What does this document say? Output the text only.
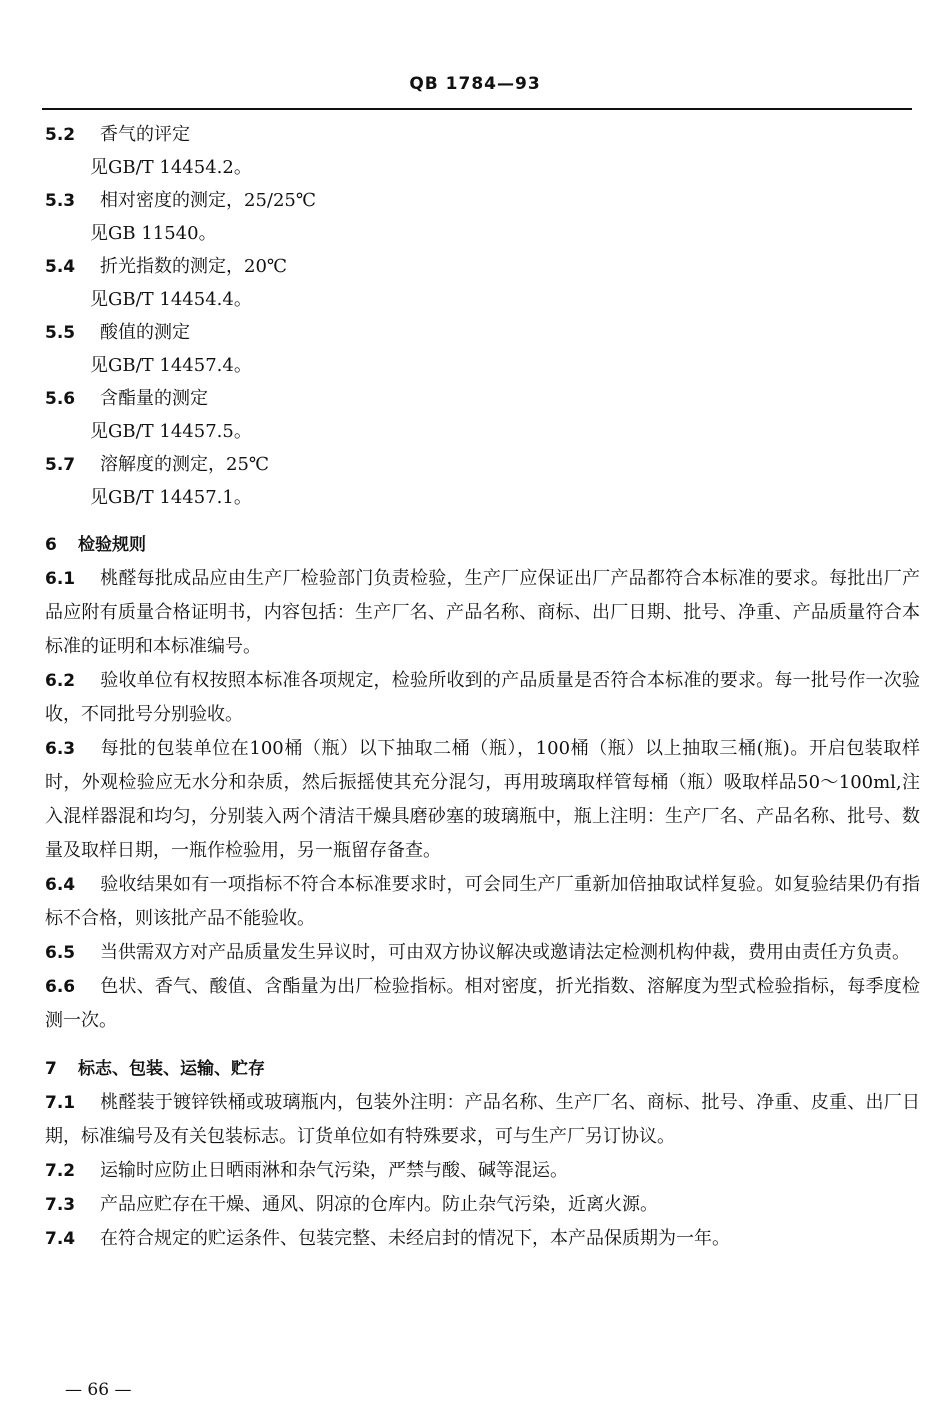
QB 1784—93
5.2 香气的评定
见GB/T 14454.2。
5.3 相对密度的测定，25/25℃
见GB 11540。
5.4 折光指数的测定，20℃
见GB/T 14454.4。
5.5 酸值的测定
见GB/T 14457.4。
5.6 含酯量的测定
见GB/T 14457.5。
5.7 溶解度的测定，25℃
见GB/T 14457.1。
6 检验规则

6.1 桃醛每批成品应由生产厂检验部门负责检验，生产厂应保证出厂产品都符合本标准的要求。每批出厂产品应附有质量合格证明书，内容包括：生产厂名、产品名称、商标、出厂日期、批号、净重、产品质量符合本标准的证明和本标准编号。

6.2 验收单位有权按照本标准各项规定，检验所收到的产品质量是否符合本标准的要求。每一批号作一次验收，不同批号分别验收。

6.3 每批的包装单位在100桶（瓶）以下抽取二桶（瓶），100桶（瓶）以上抽取三桶(瓶)。开启包装取样时，外观检验应无水分和杂质，然后振摇使其充分混匀，再用玻璃取样管每桶（瓶）吸取样品50～100ml,注入混样器混和均匀，分别装入两个清洁干燥具磨砂塞的玻璃瓶中，瓶上注明：生产厂名、产品名称、批号、数量及取样日期，一瓶作检验用，另一瓶留存备查。

6.4 验收结果如有一项指标不符合本标准要求时，可会同生产厂重新加倍抽取试样复验。如复验结果仍有指标不合格，则该批产品不能验收。

6.5 当供需双方对产品质量发生异议时，可由双方协议解决或邀请法定检测机构仲裁，费用由责任方负责。

6.6 色状、香气、酸值、含酯量为出厂检验指标。相对密度，折光指数、溶解度为型式检验指标，每季度检测一次。

7 标志、包装、运输、贮存

7.1 桃醛装于镀锌铁桶或玻璃瓶内，包装外注明：产品名称、生产厂名、商标、批号、净重、皮重、出厂日期，标准编号及有关包装标志。订货单位如有特殊要求，可与生产厂另订协议。

7.2 运输时应防止日晒雨淋和杂气污染，严禁与酸、碱等混运。

7.3 产品应贮存在干燥、通风、阴凉的仓库内。防止杂气污染，近离火源。

7.4 在符合规定的贮运条件、包装完整、未经启封的情况下，本产品保质期为一年。

— 66 —
